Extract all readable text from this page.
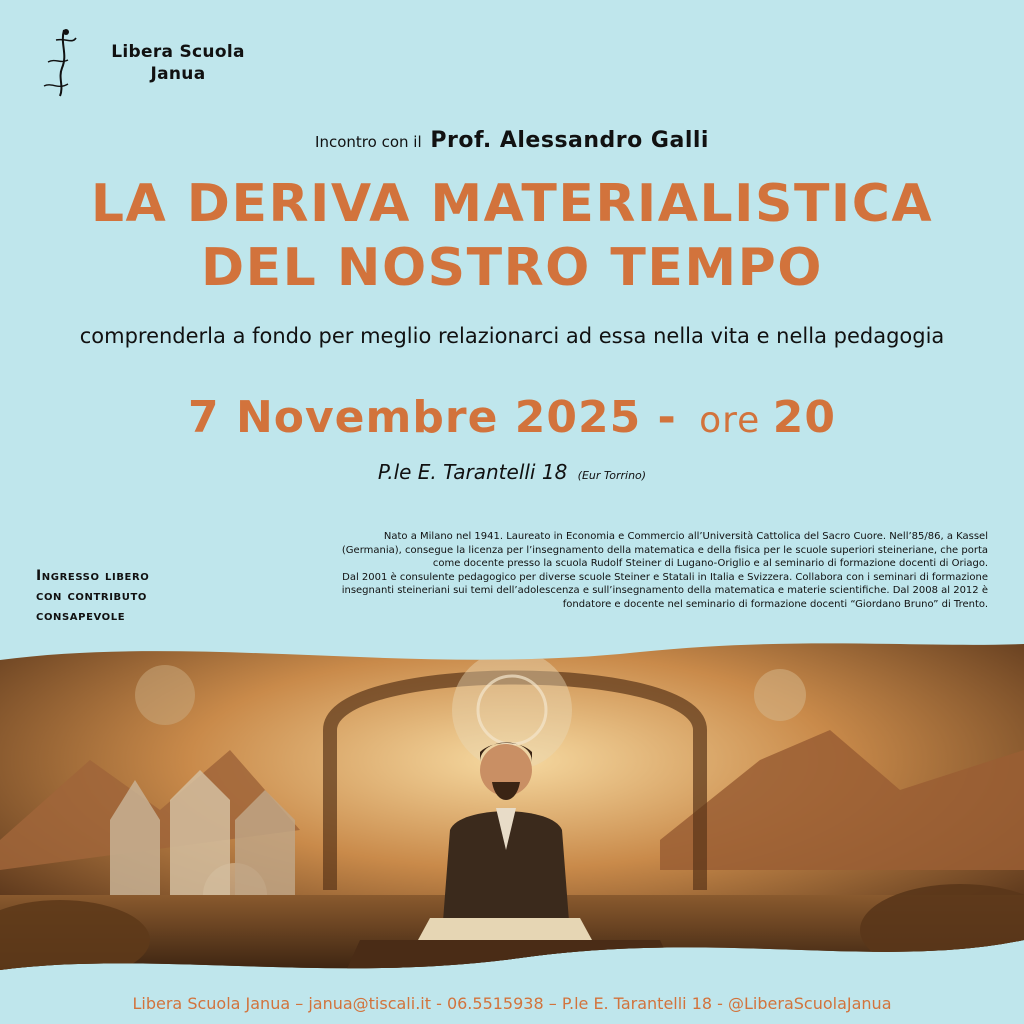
Libera Scuola
Janua
Incontro con il Prof. Alessandro Galli
LA DERIVA MATERIALISTICA
DEL NOSTRO TEMPO
comprenderla a fondo per meglio relazionarci ad essa nella vita e nella pedagogia
7 Novembre 2025 - ore 20
P.le E. Tarantelli 18 (Eur Torrino)
Ingresso libero
con contributo
consapevole

Nato a Milano nel 1941. Laureato in Economia e Commercio all’Università Cattolica del Sacro Cuore. Nell’85/86, a Kassel (Germania), consegue la licenza per l’insegnamento della matematica e della fisica per le scuole superiori steineriane, che porta come docente presso la scuola Rudolf Steiner di Lugano-Origlio e al seminario di formazione docenti di Oriago.

Dal 2001 è consulente pedagogico per diverse scuole Steiner e Statali in Italia e Svizzera. Collabora con i seminari di formazione insegnanti steineriani sui temi dell’adolescenza e sull’insegnamento della matematica e materie scientifiche. Dal 2008 al 2012 è fondatore e docente nel seminario di formazione docenti “Giordano Bruno” di Trento.

Libera Scuola Janua – janua@tiscali.it - 06.5515938 – P.le E. Tarantelli 18 - @LiberaScuolaJanua
